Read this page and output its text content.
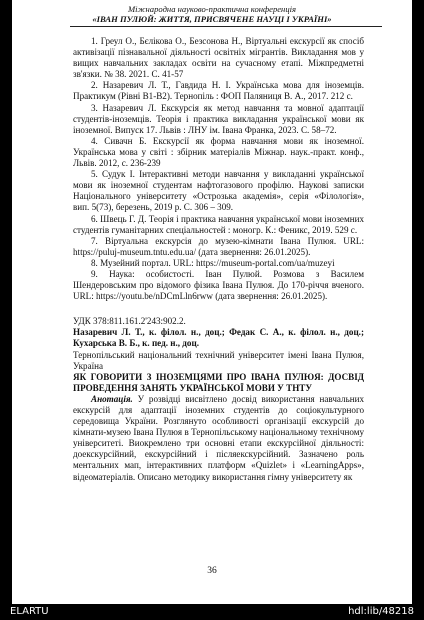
Міжнародна науково-практична конференція
«ІВАН ПУЛЮЙ: ЖИТТЯ, ПРИСВЯЧЕНЕ НАУЦІ І УКРАЇНІ»

1. Греул О., Бєлікова О., Безсонова Н., Віртуальні екскурсії як спосіб активізації пізнавальної діяльності освітніх мігрантів. Викладання мов у вищих навчальних закладах освіти на сучасному етапі. Міжпредметні зв'язки. № 38. 2021. С. 41-57

2. Назаревич Л. Т., Гавдида Н. І. Українська мова для іноземців. Практикум (Рівні В1-В2). Тернопіль : ФОП Паляниця В. А., 2017. 212 с.

3. Назаревич Л. Екскурсія як метод навчання та мовної адаптації студентів-іноземців. Теорія і практика викладання української мови як іноземної. Випуск 17. Львів : ЛНУ ім. Івана Франка, 2023. С. 58–72.

4. Сивачн Б. Екскурсії як форма навчання мови як іноземної. Українська мова у світі : збірник матеріалів Міжнар. наук.-практ. конф., Львів. 2012, с. 236-239

5. Судук І. Інтерактивні методи навчання у викладанні української мови як іноземної студентам нафтогазового профілю. Наукові записки Національного університету «Острозька академія», серія «Філологія», вип. 5(73), березень, 2019 р. С. 306 – 309.

6. Швець Г. Д. Теорія і практика навчання української мови іноземних студентів гуманітарних спеціальностей : моногр. К.: Феникс, 2019. 529 с.

7. Віртуальна екскурсія до музею-кімнати Івана Пулюя. URL: https://puluj-museum.tntu.edu.ua/ (дата звернення: 26.01.2025).

8. Музейний портал. URL: https://museum-portal.com/ua/muzeyi

9. Наука: особистості. Іван Пулюй. Розмова з Василем Шендеровським про відомого фізика Івана Пулюя. До 170-річчя вченого. URL: https://youtu.be/nDCmLln6rww (дата звернення: 26.01.2025).

УДК 378:811.161.2'243:902.2.

Назаревич Л. Т., к. філол. н., доц.; Федак С. А., к. філол. н., доц.; Кухарська В. Б., к. пед. н., доц.

Тернопільський національний технічний університет імені Івана Пулюя, Україна

ЯК ГОВОРИТИ З ІНОЗЕМЦЯМИ ПРО ІВАНА ПУЛЮЯ: ДОСВІД ПРОВЕДЕННЯ ЗАНЯТЬ УКРАЇНСЬКОЇ МОВИ У ТНТУ

Анотація. У розвідці висвітлено досвід використання навчальних екскурсій для адаптації іноземних студентів до соціокультурного середовища України. Розглянуто особливості організації екскурсій до кімнати-музею Івана Пулюя в Тернопільському національному технічному університеті. Виокремлено три основні етапи екскурсійної діяльності: доекскурсійний, екскурсійний і післяекскурсійний. Зазначено роль ментальних мап, інтерактивних платформ «Quizlet» і «LearningApps», відеоматеріалів. Описано методику використання гімну університету як

36
ELARTU	hdl:lib/48218
